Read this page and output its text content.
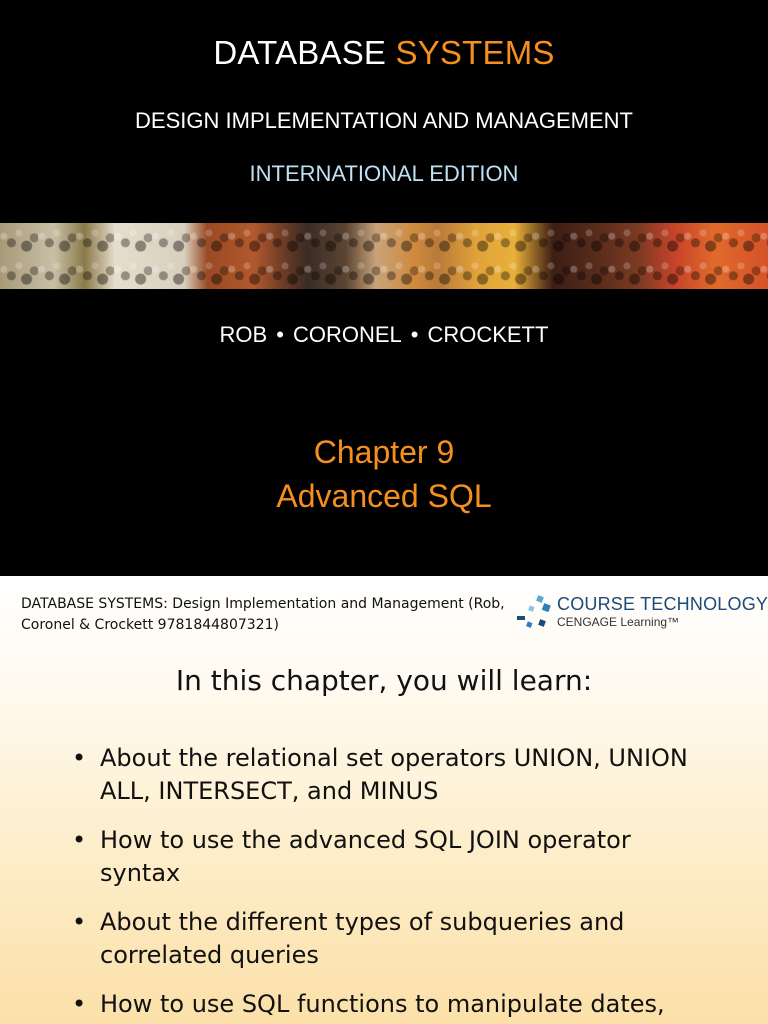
DATABASE SYSTEMS
DESIGN IMPLEMENTATION AND MANAGEMENT
INTERNATIONAL EDITION
ROB • CORONEL • CROCKETT
Chapter 9
Advanced SQL
DATABASE SYSTEMS: Design Implementation and Management (Rob, Coronel & Crockett 9781844807321)
COURSE TECHNOLOGY
CENGAGE Learning™
In this chapter, you will learn:
• About the relational set operators UNION, UNION ALL, INTERSECT, and MINUS
• How to use the advanced SQL JOIN operator syntax
• About the different types of subqueries and correlated queries
• How to use SQL functions to manipulate dates,
